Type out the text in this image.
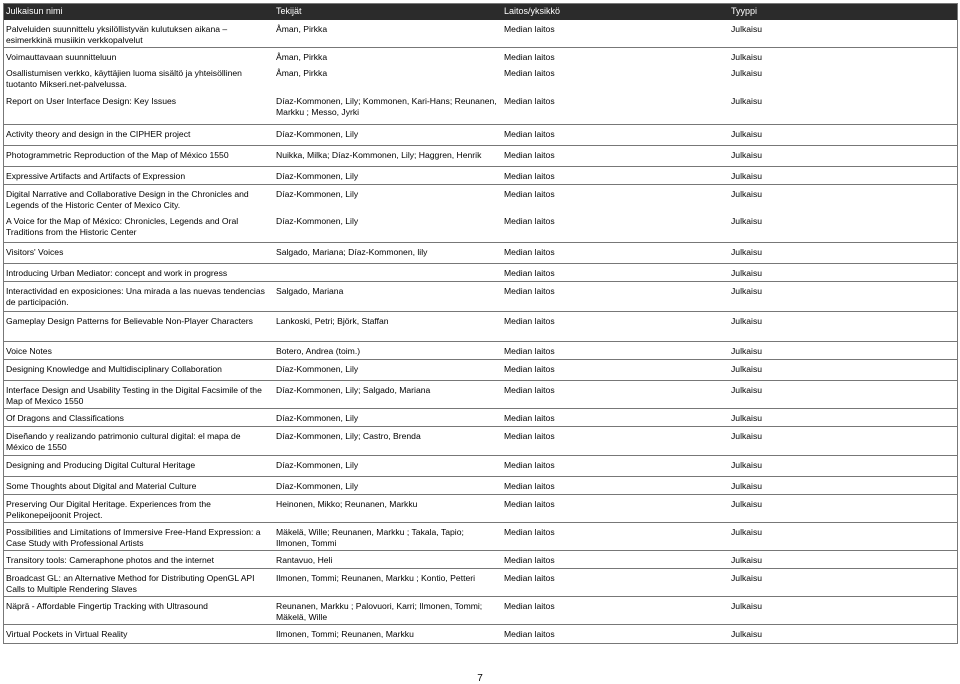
Julkaisun nimi	Tekijät	Laitos/yksikkö	Tyyppi
Palveluiden suunnittelu yksilöllistyvän kulutuksen aikana – esimerkkinä musiikin verkkopalvelut	Åman, Pirkka	Median laitos	Julkaisu
Voimauttavaan suunnitteluun	Åman, Pirkka	Median laitos	Julkaisu
Osallistumisen verkko, käyttäjien luoma sisältö ja yhteisöllinen tuotanto Mikseri.net-palvelussa.	Åman, Pirkka	Median laitos	Julkaisu
Report on User Interface Design: Key Issues	Díaz-Kommonen, Lily; Kommonen, Kari-Hans; Reunanen, Markku ; Messo, Jyrki	Median laitos	Julkaisu
Activity theory and design in the CIPHER project	Díaz-Kommonen, Lily	Median laitos	Julkaisu
Photogrammetric Reproduction of the Map of México 1550	Nuikka, Milka; Díaz-Kommonen, Lily; Haggren, Henrik	Median laitos	Julkaisu
Expressive Artifacts and Artifacts of Expression	Díaz-Kommonen, Lily	Median laitos	Julkaisu
Digital Narrative and Collaborative Design in the Chronicles and Legends of the Historic Center of Mexico City.	Díaz-Kommonen, Lily	Median laitos	Julkaisu
A Voice for the Map of México: Chronicles, Legends and Oral Traditions from the Historic Center	Díaz-Kommonen, Lily	Median laitos	Julkaisu
Visitors' Voices	Salgado, Mariana; Díaz-Kommonen, lily	Median laitos	Julkaisu
Introducing Urban Mediator: concept and work in progress		Median laitos	Julkaisu
Interactividad en exposiciones: Una mirada a las nuevas tendencias de participación.	Salgado, Mariana	Median laitos	Julkaisu
Gameplay Design Patterns for Believable Non-Player Characters	Lankoski, Petri; Björk, Staffan	Median laitos	Julkaisu
Voice Notes	Botero, Andrea (toim.)	Median laitos	Julkaisu
Designing Knowledge and Multidisciplinary Collaboration	Díaz-Kommonen, Lily	Median laitos	Julkaisu
Interface Design and Usability Testing in the Digital Facsimile of the Map of Mexico 1550	Díaz-Kommonen, Lily; Salgado, Mariana	Median laitos	Julkaisu
Of Dragons and Classifications	Díaz-Kommonen, Lily	Median laitos	Julkaisu
Diseñando y realizando patrimonio cultural digital: el mapa de México de 1550	Díaz-Kommonen, Lily; Castro, Brenda	Median laitos	Julkaisu
Designing and Producing Digital Cultural Heritage	Díaz-Kommonen, Lily	Median laitos	Julkaisu
Some Thoughts about Digital and Material Culture	Díaz-Kommonen, Lily	Median laitos	Julkaisu
Preserving Our Digital Heritage. Experiences from the Pelikonepeijoonit Project.	Heinonen, Mikko; Reunanen, Markku	Median laitos	Julkaisu
Possibilities and Limitations of Immersive Free-Hand Expression: a Case Study with Professional Artists	Mäkelä, Wille; Reunanen, Markku ; Takala, Tapio; Ilmonen, Tommi	Median laitos	Julkaisu
Transitory tools: Cameraphone photos and the internet	Rantavuo, Heli	Median laitos	Julkaisu
Broadcast GL: an Alternative Method for Distributing OpenGL API Calls to Multiple Rendering Slaves	Ilmonen, Tommi; Reunanen, Markku ; Kontio, Petteri	Median laitos	Julkaisu
Näprä - Affordable Fingertip Tracking with Ultrasound	Reunanen, Markku ; Palovuori, Karri; Ilmonen, Tommi; Mäkelä, Wille	Median laitos	Julkaisu
Virtual Pockets in Virtual Reality	Ilmonen, Tommi; Reunanen, Markku	Median laitos	Julkaisu
7
